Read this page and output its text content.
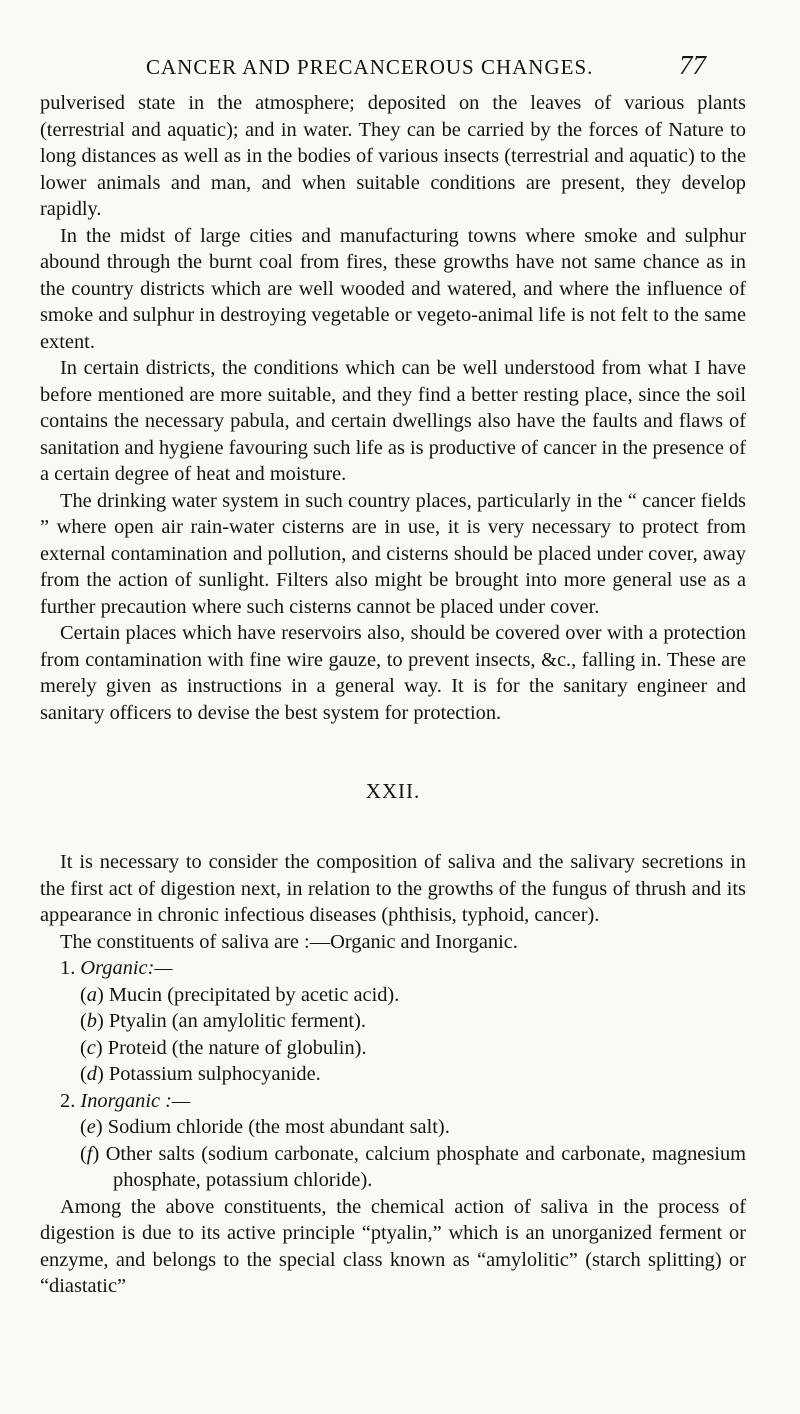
CANCER AND PRECANCEROUS CHANGES.	77

pulverised state in the atmosphere; deposited on the leaves of various plants (terrestrial and aquatic); and in water. They can be carried by the forces of Nature to long distances as well as in the bodies of various insects (terrestrial and aquatic) to the lower animals and man, and when suitable conditions are present, they develop rapidly.

In the midst of large cities and manufacturing towns where smoke and sulphur abound through the burnt coal from fires, these growths have not same chance as in the country districts which are well wooded and watered, and where the influence of smoke and sulphur in destroying vegetable or vegeto-animal life is not felt to the same extent.

In certain districts, the conditions which can be well understood from what I have before mentioned are more suitable, and they find a better resting place, since the soil contains the necessary pabula, and certain dwellings also have the faults and flaws of sanitation and hygiene favouring such life as is productive of cancer in the presence of a certain degree of heat and moisture.

The drinking water system in such country places, particularly in the “ cancer fields ” where open air rain-water cisterns are in use, it is very necessary to protect from external contamination and pollution, and cisterns should be placed under cover, away from the action of sunlight. Filters also might be brought into more general use as a further precaution where such cisterns cannot be placed under cover.

Certain places which have reservoirs also, should be covered over with a protection from contamination with fine wire gauze, to prevent insects, &c., falling in. These are merely given as instructions in a general way. It is for the sanitary engineer and sanitary officers to devise the best system for protection.

XXII.

It is necessary to consider the composition of saliva and the salivary secretions in the first act of digestion next, in relation to the growths of the fungus of thrush and its appearance in chronic infectious diseases (phthisis, typhoid, cancer).

The constituents of saliva are :—Organic and Inorganic.

1. Organic:—

(a) Mucin (precipitated by acetic acid).

(b) Ptyalin (an amylolitic ferment).

(c) Proteid (the nature of globulin).

(d) Potassium sulphocyanide.

2. Inorganic :—

(e) Sodium chloride (the most abundant salt).

(f) Other salts (sodium carbonate, calcium phosphate and carbonate, magnesium phosphate, potassium chloride).

Among the above constituents, the chemical action of saliva in the process of digestion is due to its active principle “ptyalin,” which is an unorganized ferment or enzyme, and belongs to the special class known as “amylolitic” (starch splitting) or “diastatic”
